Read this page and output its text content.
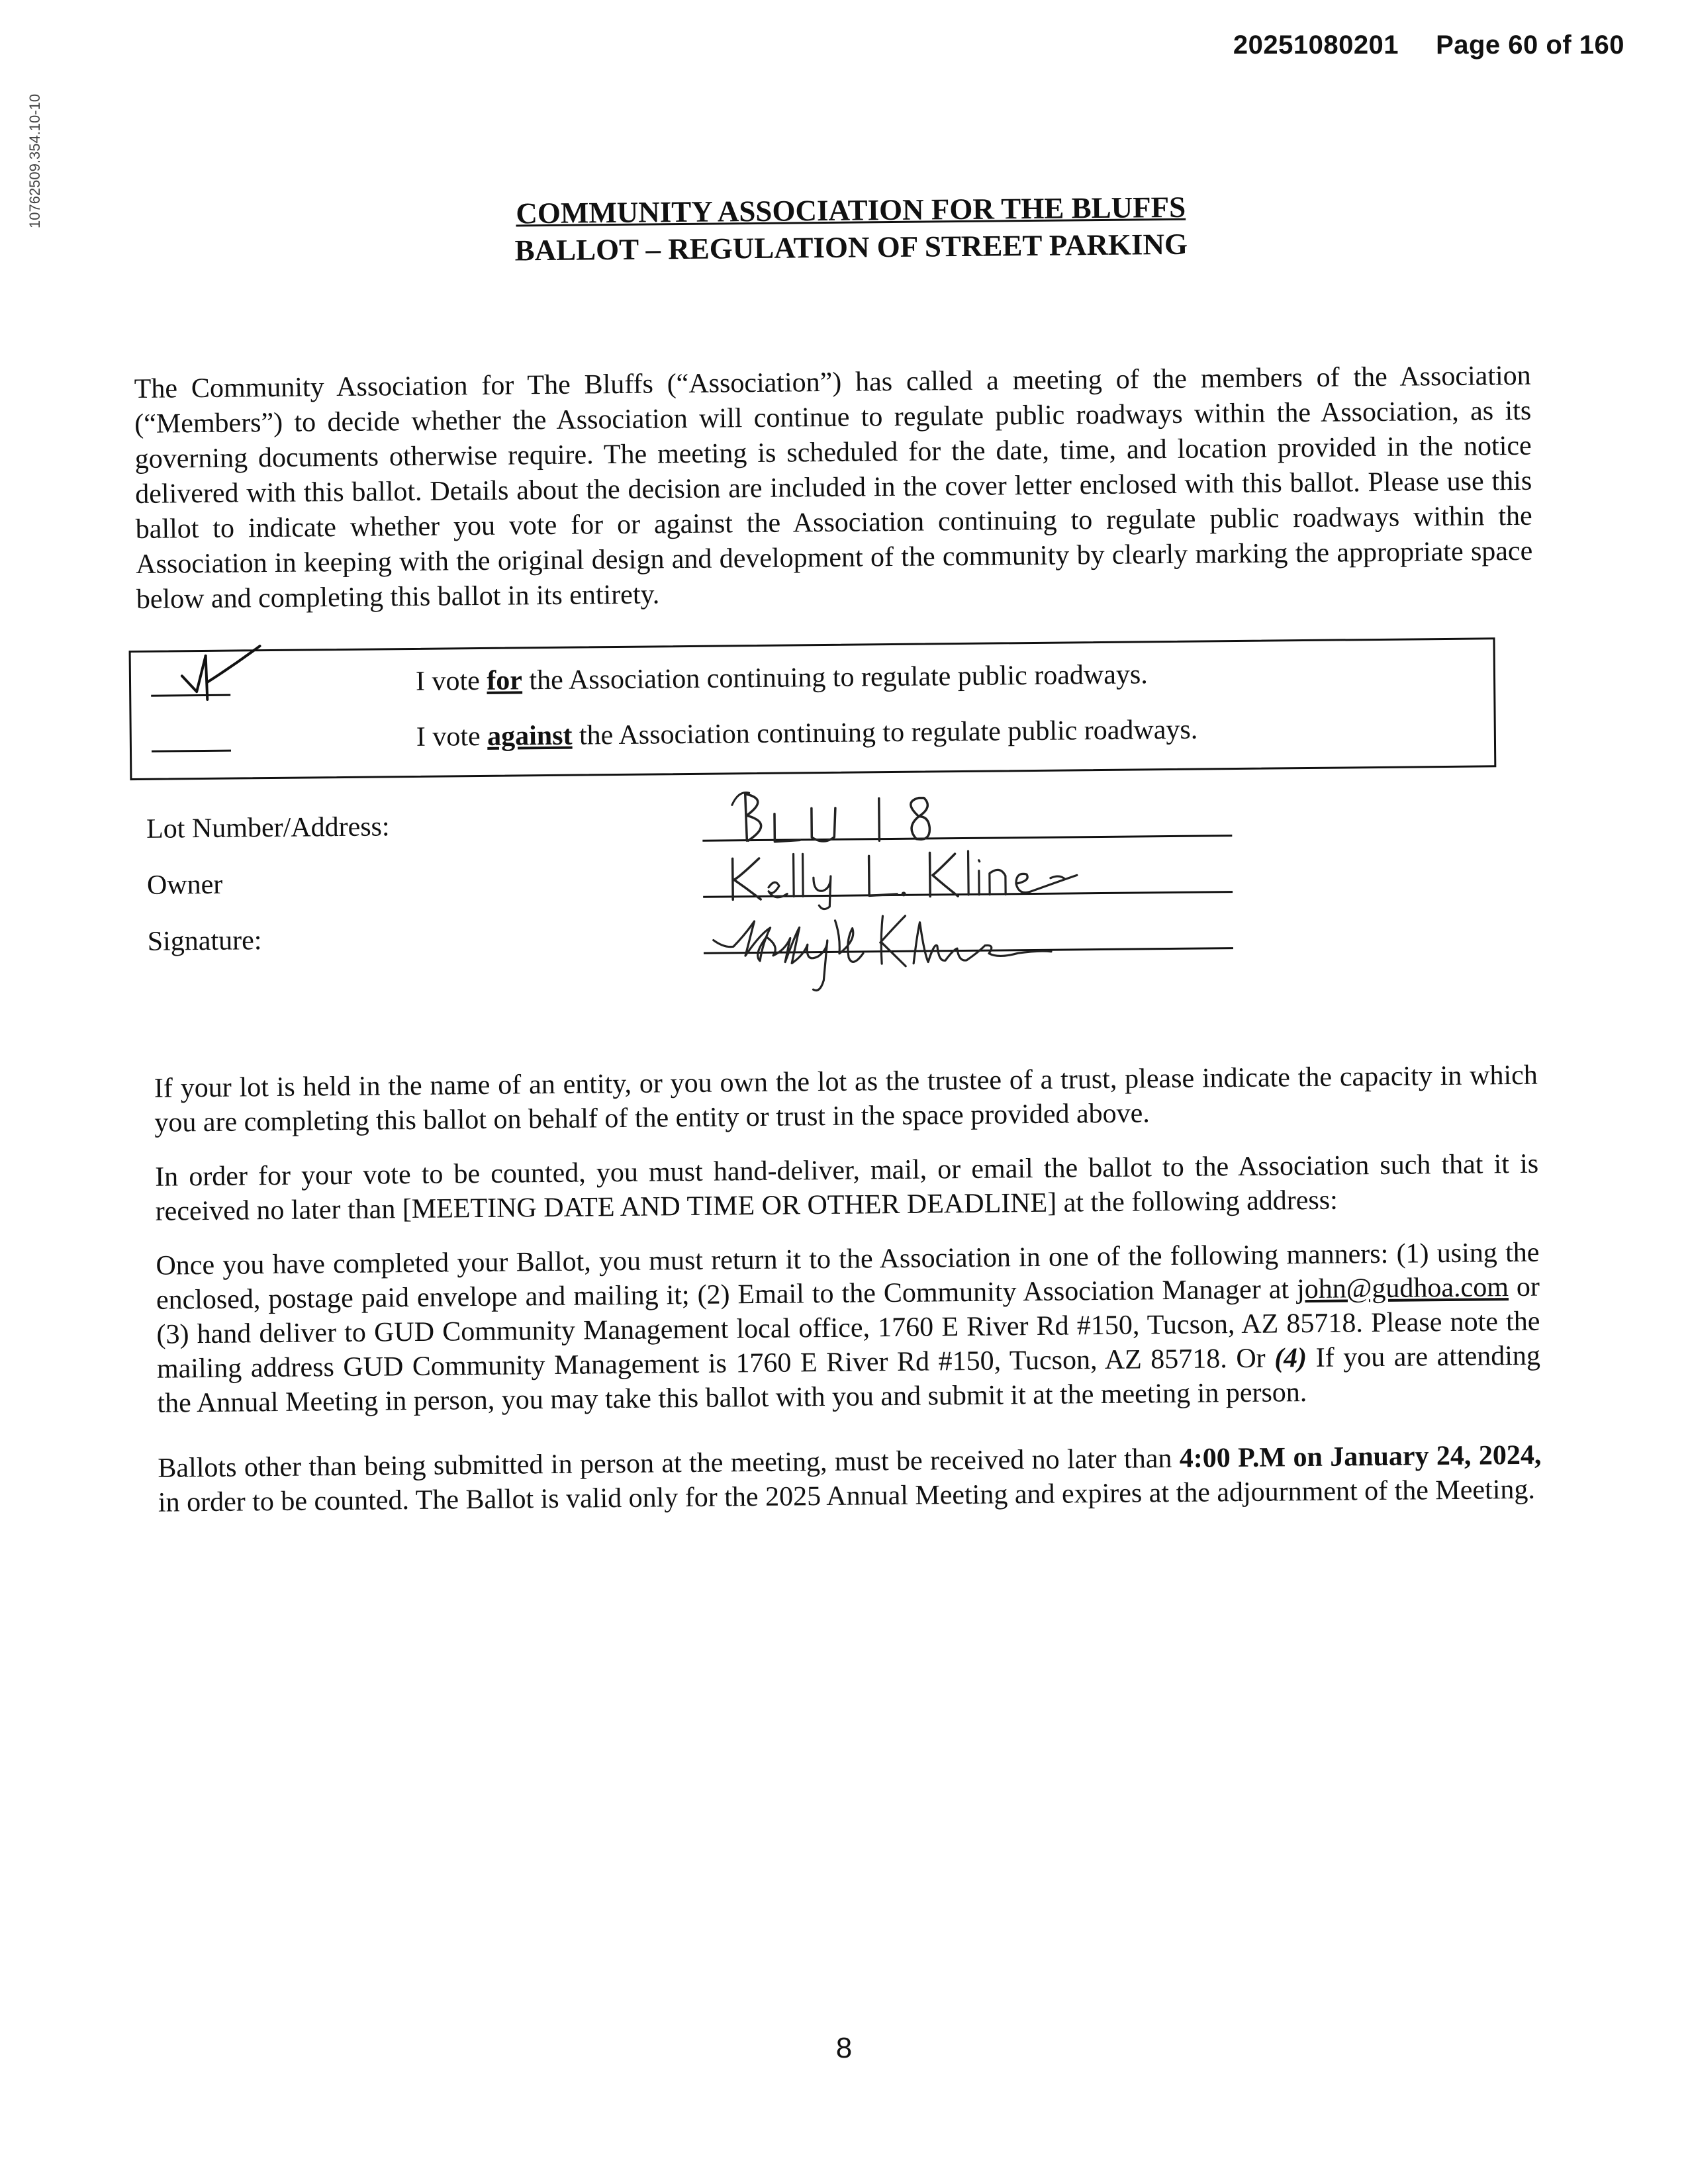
20251080201 Page 60 of 160
10762509.354.10-10	COMMUNITY ASSOCIATION FOR THE BLUFFS
BALLOT – REGULATION OF STREET PARKING
The Community Association for The Bluffs (“Association”) has called a meeting of the members of the Association (“Members”) to decide whether the Association will continue to regulate public roadways within the Association, as its governing documents otherwise require. The meeting is scheduled for the date, time, and location provided in the notice delivered with this ballot. Details about the decision are included in the cover letter enclosed with this ballot. Please use this ballot to indicate whether you vote for or against the Association continuing to regulate public roadways within the Association in keeping with the original design and development of the community by clearly marking the appropriate space below and completing this ballot in its entirety.
I vote for the Association continuing to regulate public roadways.
I vote against the Association continuing to regulate public roadways.
Lot Number/Address:
Owner
Signature:
If your lot is held in the name of an entity, or you own the lot as the trustee of a trust, please indicate the capacity in which you are completing this ballot on behalf of the entity or trust in the space provided above.
In order for your vote to be counted, you must hand-deliver, mail, or email the ballot to the Association such that it is received no later than [MEETING DATE AND TIME OR OTHER DEADLINE] at the following address:
Once you have completed your Ballot, you must return it to the Association in one of the following manners: (1) using the enclosed, postage paid envelope and mailing it; (2) Email to the Community Association Manager at john@gudhoa.com or (3) hand deliver to GUD Community Management local office, 1760 E River Rd #150, Tucson, AZ 85718. Please note the mailing address GUD Community Management is 1760 E River Rd #150, Tucson, AZ 85718. Or (4) If you are attending the Annual Meeting in person, you may take this ballot with you and submit it at the meeting in person.
Ballots other than being submitted in person at the meeting, must be received no later than 4:00 P.M on January 24, 2024, in order to be counted. The Ballot is valid only for the 2025 Annual Meeting and expires at the adjournment of the Meeting.
8
